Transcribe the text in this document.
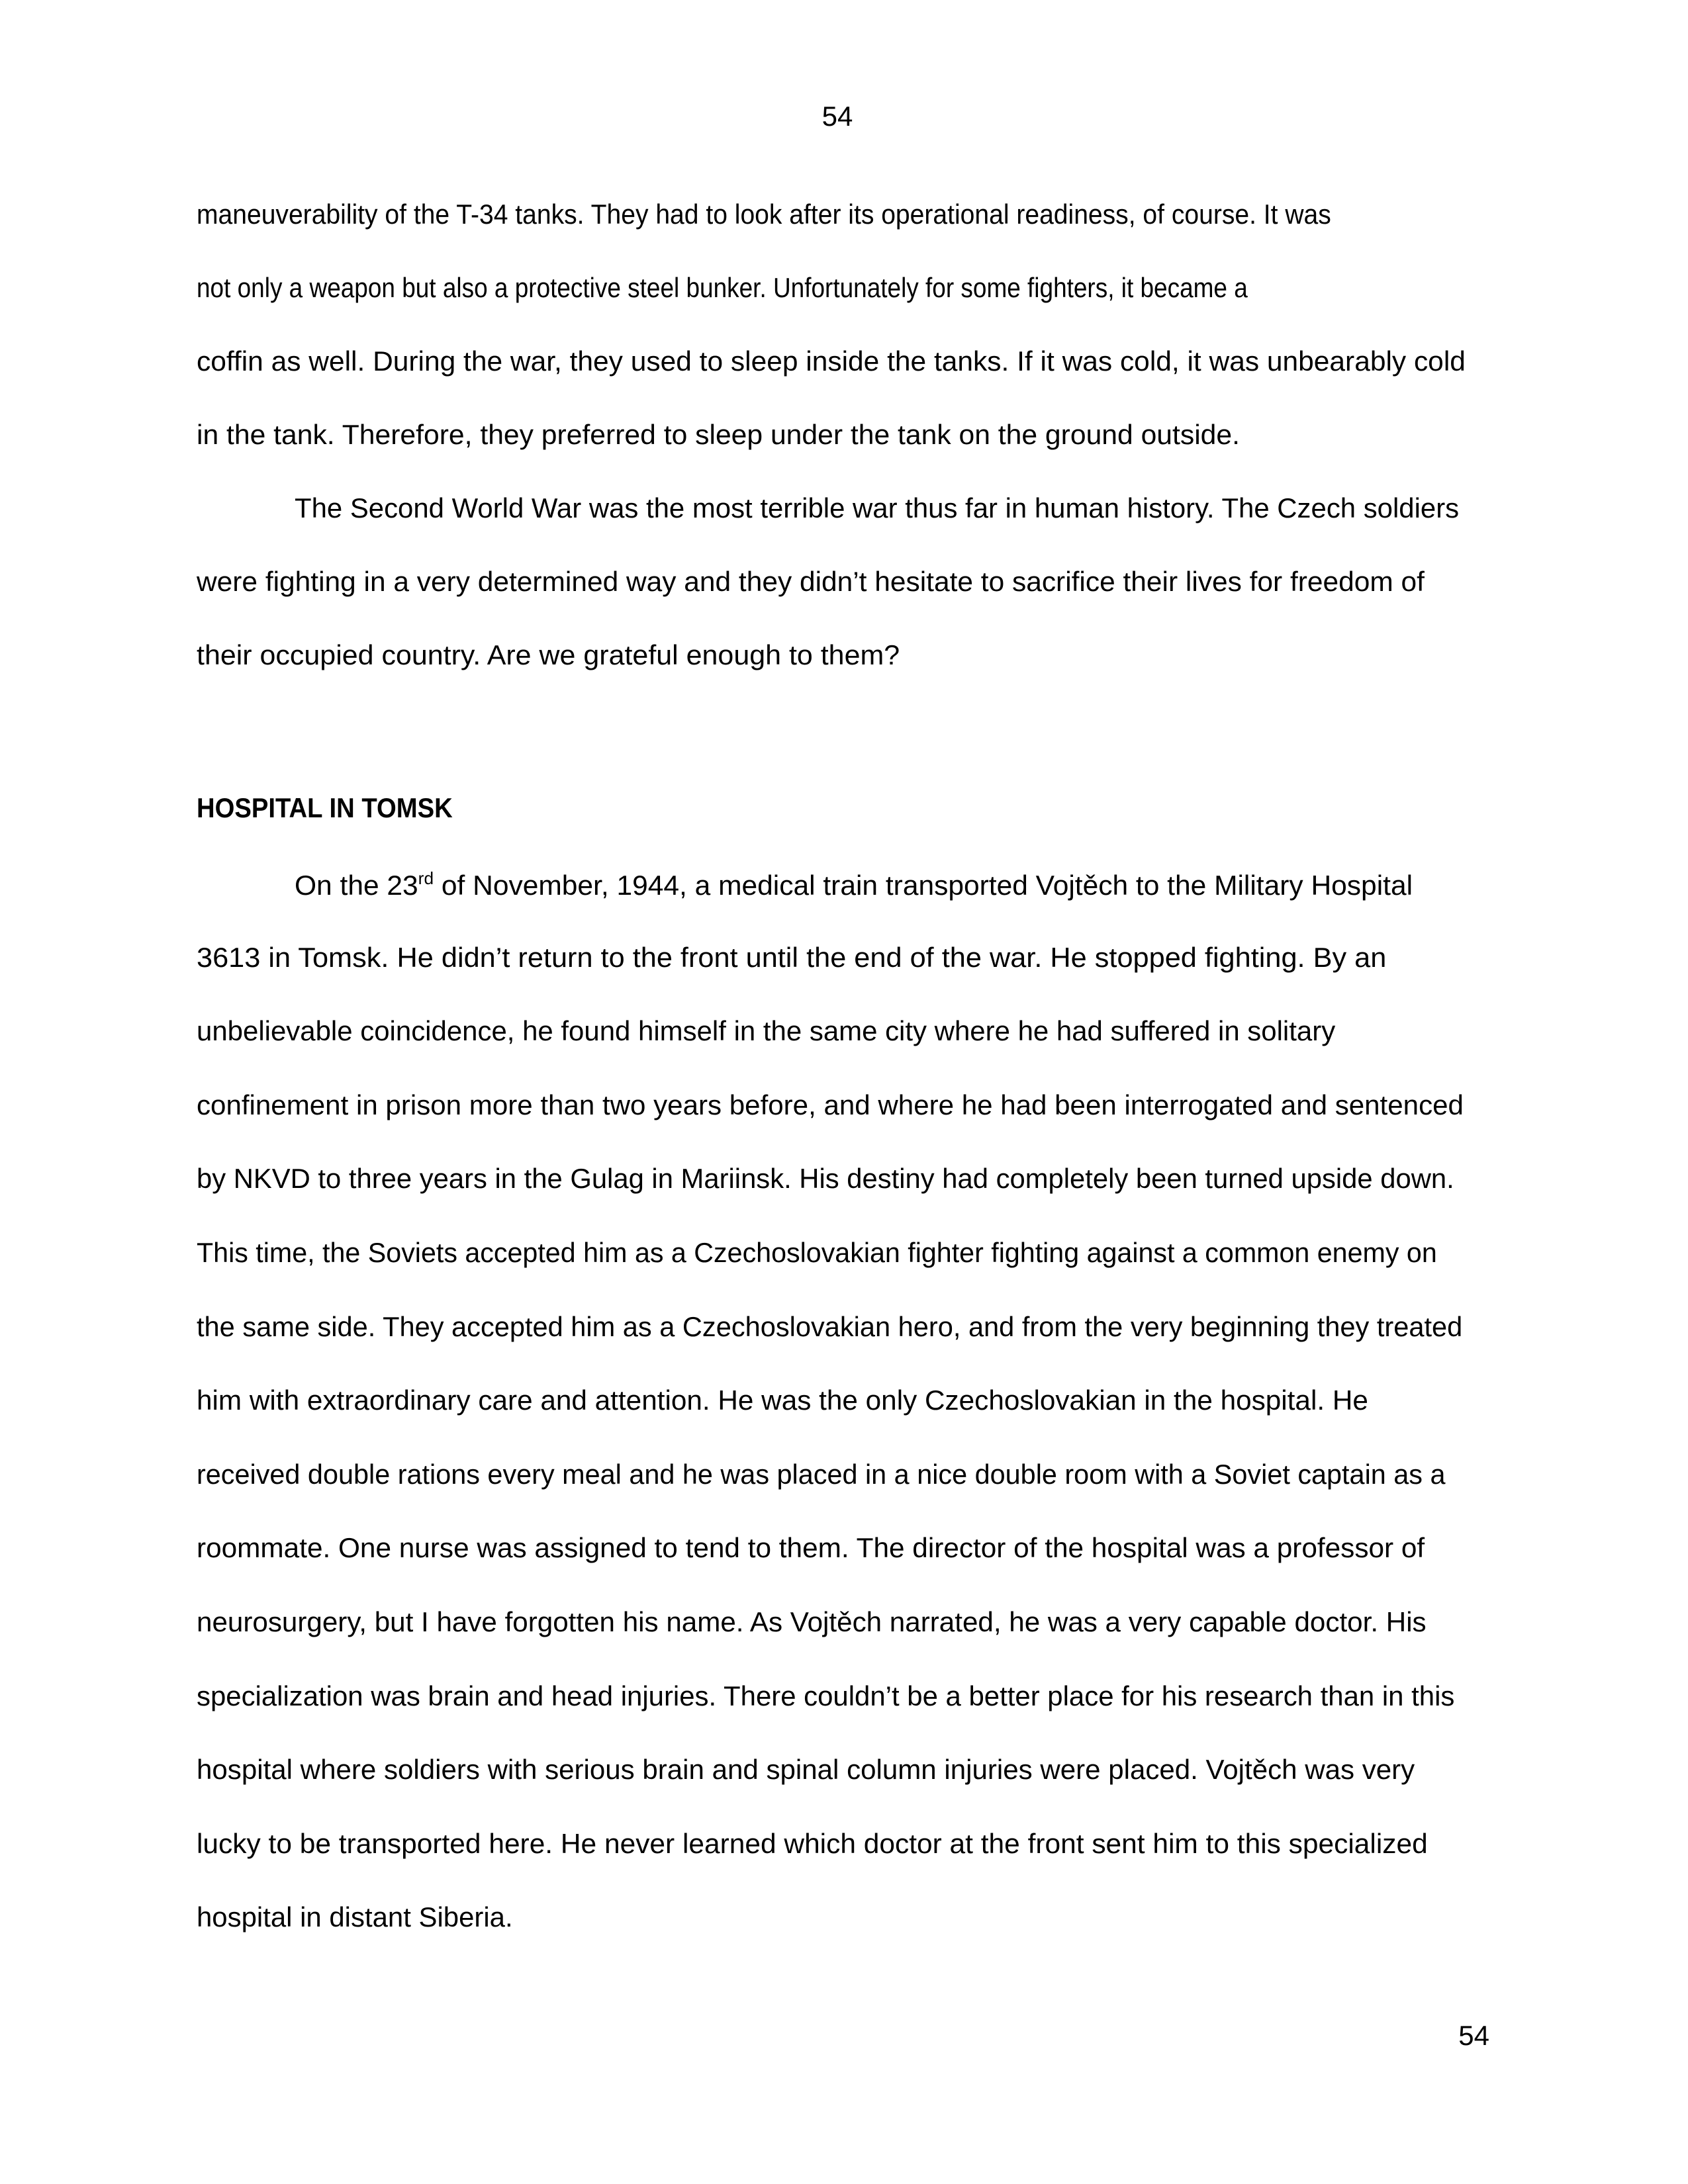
54
maneuverability of the T-34 tanks. They had to look after its operational readiness, of course. It was
not only a weapon but also a protective steel bunker. Unfortunately for some fighters, it became a
coffin as well. During the war, they used to sleep inside the tanks. If it was cold, it was unbearably cold
in the tank. Therefore, they preferred to sleep under the tank on the ground outside.
The Second World War was the most terrible war thus far in human history. The Czech soldiers
were fighting in a very determined way and they didn’t hesitate to sacrifice their lives for freedom of
their occupied country. Are we grateful enough to them?
HOSPITAL IN TOMSK
On the 23rd of November, 1944, a medical train transported Vojtěch to the Military Hospital
3613 in Tomsk. He didn’t return to the front until the end of the war. He stopped fighting. By an
unbelievable coincidence, he found himself in the same city where he had suffered in solitary
confinement in prison more than two years before, and where he had been interrogated and sentenced
by NKVD to three years in the Gulag in Mariinsk. His destiny had completely been turned upside down.
This time, the Soviets accepted him as a Czechoslovakian fighter fighting against a common enemy on
the same side. They accepted him as a Czechoslovakian hero, and from the very beginning they treated
him with extraordinary care and attention. He was the only Czechoslovakian in the hospital. He
received double rations every meal and he was placed in a nice double room with a Soviet captain as a
roommate. One nurse was assigned to tend to them. The director of the hospital was a professor of
neurosurgery, but I have forgotten his name. As Vojtěch narrated, he was a very capable doctor. His
specialization was brain and head injuries. There couldn’t be a better place for his research than in this
hospital where soldiers with serious brain and spinal column injuries were placed. Vojtěch was very
lucky to be transported here. He never learned which doctor at the front sent him to this specialized
hospital in distant Siberia.
54
